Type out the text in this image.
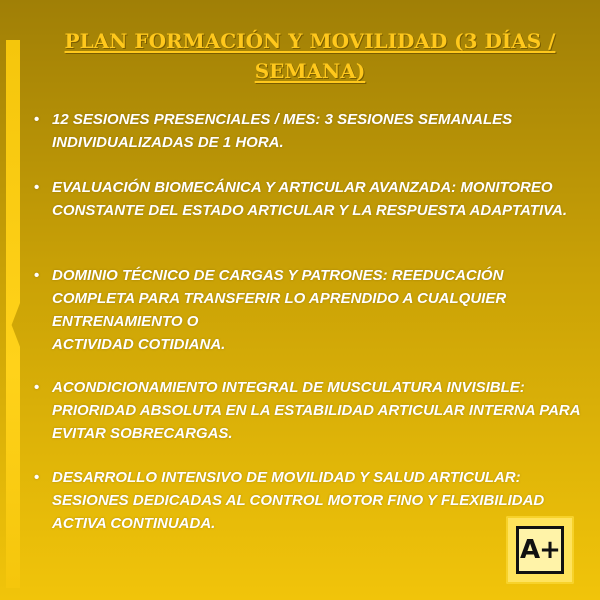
PLAN FORMACIÓN Y MOVILIDAD (3 DÍAS / SEMANA)
• 12 SESIONES PRESENCIALES / MES: 3 SESIONES SEMANALES INDIVIDUALIZADAS DE 1 HORA.
• EVALUACIÓN BIOMECÁNICA Y ARTICULAR AVANZADA: MONITOREO CONSTANTE DEL ESTADO ARTICULAR Y LA RESPUESTA ADAPTATIVA.
• DOMINIO TÉCNICO DE CARGAS Y PATRONES: REEDUCACIÓN COMPLETA PARA TRANSFERIR LO APRENDIDO A CUALQUIER ENTRENAMIENTO O
ACTIVIDAD COTIDIANA.
• ACONDICIONAMIENTO INTEGRAL DE MUSCULATURA INVISIBLE: PRIORIDAD ABSOLUTA EN LA ESTABILIDAD ARTICULAR INTERNA PARA EVITAR SOBRECARGAS.
• DESARROLLO INTENSIVO DE MOVILIDAD Y SALUD ARTICULAR: SESIONES DEDICADAS AL CONTROL MOTOR FINO Y FLEXIBILIDAD ACTIVA CONTINUADA.
A+
